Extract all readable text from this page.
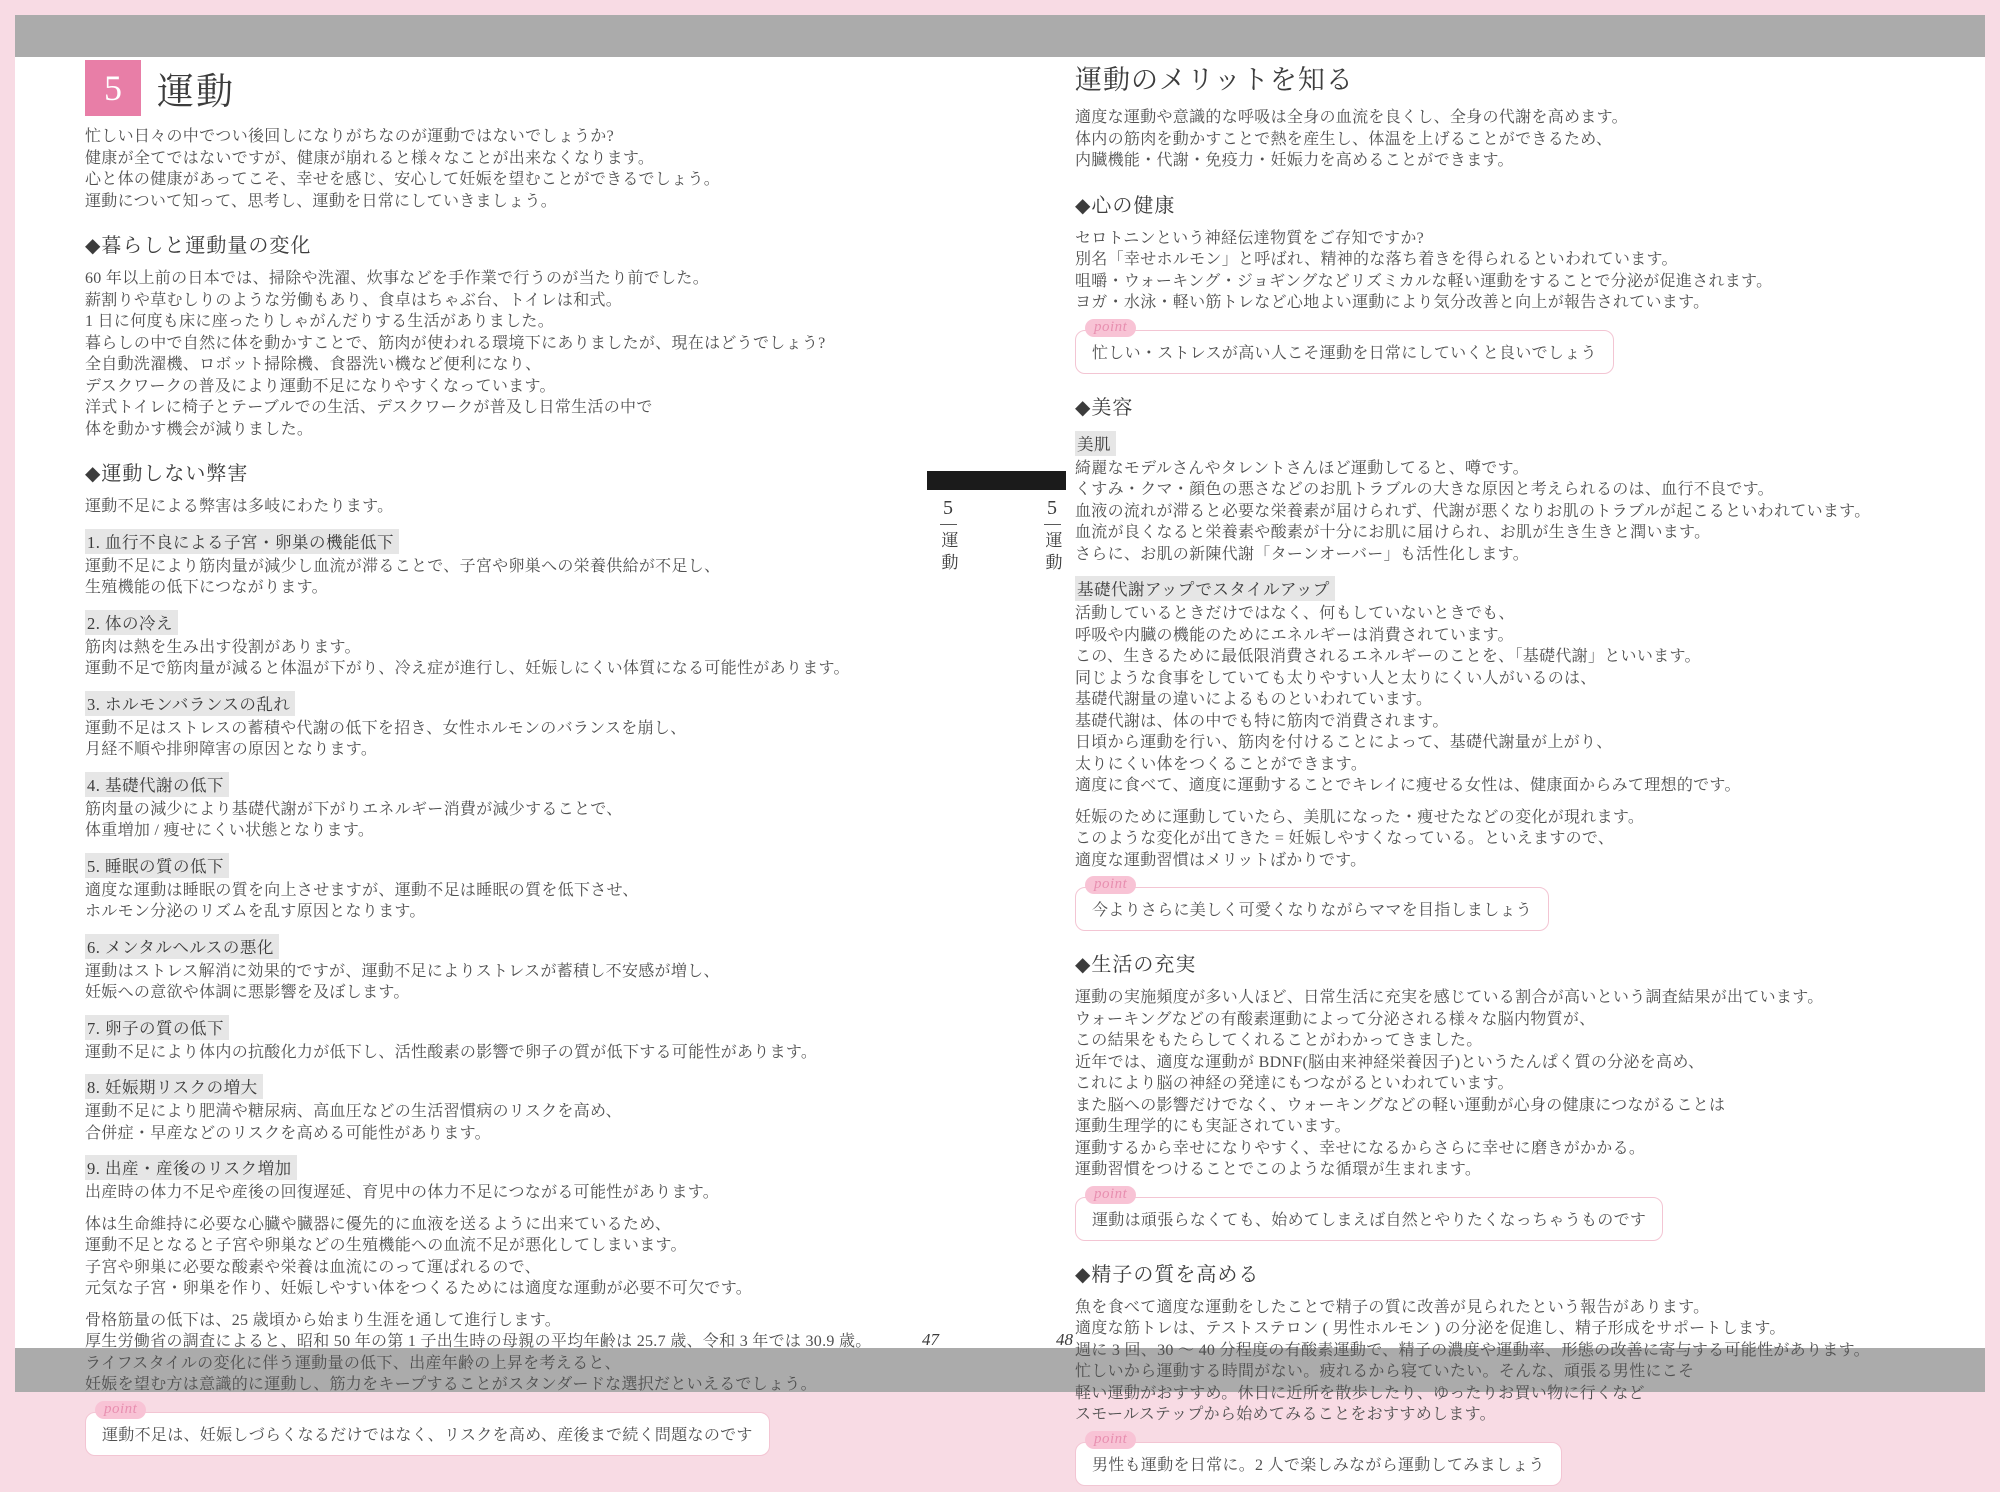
5 運動
忙しい日々の中でつい後回しになりがちなのが運動ではないでしょうか?
健康が全てではないですが、健康が崩れると様々なことが出来なくなります。
心と体の健康があってこそ、幸せを感じ、安心して妊娠を望むことができるでしょう。
運動について知って、思考し、運動を日常にしていきましょう。
◆暮らしと運動量の変化
60 年以上前の日本では、掃除や洗濯、炊事などを手作業で行うのが当たり前でした。
薪割りや草むしりのような労働もあり、食卓はちゃぶ台、トイレは和式。
1 日に何度も床に座ったりしゃがんだりする生活がありました。
暮らしの中で自然に体を動かすことで、筋肉が使われる環境下にありましたが、現在はどうでしょう?
全自動洗濯機、ロボット掃除機、食器洗い機など便利になり、
デスクワークの普及により運動不足になりやすくなっています。
洋式トイレに椅子とテーブルでの生活、デスクワークが普及し日常生活の中で
体を動かす機会が減りました。
◆運動しない弊害
運動不足による弊害は多岐にわたります。
1. 血行不良による子宮・卵巣の機能低下
運動不足により筋肉量が減少し血流が滞ることで、子宮や卵巣への栄養供給が不足し、
生殖機能の低下につながります。
2. 体の冷え
筋肉は熱を生み出す役割があります。
運動不足で筋肉量が減ると体温が下がり、冷え症が進行し、妊娠しにくい体質になる可能性があります。
3. ホルモンバランスの乱れ
運動不足はストレスの蓄積や代謝の低下を招き、女性ホルモンのバランスを崩し、
月経不順や排卵障害の原因となります。
4. 基礎代謝の低下
筋肉量の減少により基礎代謝が下がりエネルギー消費が減少することで、
体重増加 / 痩せにくい状態となります。
5. 睡眠の質の低下
適度な運動は睡眠の質を向上させますが、運動不足は睡眠の質を低下させ、
ホルモン分泌のリズムを乱す原因となります。
6. メンタルヘルスの悪化
運動はストレス解消に効果的ですが、運動不足によりストレスが蓄積し不安感が増し、
妊娠への意欲や体調に悪影響を及ぼします。
7. 卵子の質の低下
運動不足により体内の抗酸化力が低下し、活性酸素の影響で卵子の質が低下する可能性があります。
8. 妊娠期リスクの増大
運動不足により肥満や糖尿病、高血圧などの生活習慣病のリスクを高め、
合併症・早産などのリスクを高める可能性があります。
9. 出産・産後のリスク増加
出産時の体力不足や産後の回復遅延、育児中の体力不足につながる可能性があります。
体は生命維持に必要な心臓や臓器に優先的に血液を送るように出来ているため、
運動不足となると子宮や卵巣などの生殖機能への血流不足が悪化してしまいます。
子宮や卵巣に必要な酸素や栄養は血流にのって運ばれるので、
元気な子宮・卵巣を作り、妊娠しやすい体をつくるためには適度な運動が必要不可欠です。
骨格筋量の低下は、25 歳頃から始まり生涯を通して進行します。
厚生労働省の調査によると、昭和 50 年の第 1 子出生時の母親の平均年齢は 25.7 歳、令和 3 年では 30.9 歳。
ライフスタイルの変化に伴う運動量の低下、出産年齢の上昇を考えると、
妊娠を望む方は意識的に運動し、筋力をキープすることがスタンダードな選択だといえるでしょう。
point
運動不足は、妊娠しづらくなるだけではなく、リスクを高め、産後まで続く問題なのです
5
運動
5
運動
運動のメリットを知る
適度な運動や意識的な呼吸は全身の血流を良くし、全身の代謝を高めます。
体内の筋肉を動かすことで熱を産生し、体温を上げることができるため、
内臓機能・代謝・免疫力・妊娠力を高めることができます。
◆心の健康
セロトニンという神経伝達物質をご存知ですか?
別名「幸せホルモン」と呼ばれ、精神的な落ち着きを得られるといわれています。
咀嚼・ウォーキング・ジョギングなどリズミカルな軽い運動をすることで分泌が促進されます。
ヨガ・水泳・軽い筋トレなど心地よい運動により気分改善と向上が報告されています。
point
忙しい・ストレスが高い人こそ運動を日常にしていくと良いでしょう
◆美容
美肌
綺麗なモデルさんやタレントさんほど運動してると、噂です。
くすみ・クマ・顔色の悪さなどのお肌トラブルの大きな原因と考えられるのは、血行不良です。
血液の流れが滞ると必要な栄養素が届けられず、代謝が悪くなりお肌のトラブルが起こるといわれています。
血流が良くなると栄養素や酸素が十分にお肌に届けられ、お肌が生き生きと潤います。
さらに、お肌の新陳代謝「ターンオーバー」も活性化します。
基礎代謝アップでスタイルアップ
活動しているときだけではなく、何もしていないときでも、
呼吸や内臓の機能のためにエネルギーは消費されています。
この、生きるために最低限消費されるエネルギーのことを、「基礎代謝」といいます。
同じような食事をしていても太りやすい人と太りにくい人がいるのは、
基礎代謝量の違いによるものといわれています。
基礎代謝は、体の中でも特に筋肉で消費されます。
日頃から運動を行い、筋肉を付けることによって、基礎代謝量が上がり、
太りにくい体をつくることができます。
適度に食べて、適度に運動することでキレイに痩せる女性は、健康面からみて理想的です。
妊娠のために運動していたら、美肌になった・痩せたなどの変化が現れます。
このような変化が出てきた = 妊娠しやすくなっている。といえますので、
適度な運動習慣はメリットばかりです。
point
今よりさらに美しく可愛くなりながらママを目指しましょう
◆生活の充実
運動の実施頻度が多い人ほど、日常生活に充実を感じている割合が高いという調査結果が出ています。
ウォーキングなどの有酸素運動によって分泌される様々な脳内物質が、
この結果をもたらしてくれることがわかってきました。
近年では、適度な運動が BDNF(脳由来神経栄養因子)というたんぱく質の分泌を高め、
これにより脳の神経の発達にもつながるといわれています。
また脳への影響だけでなく、ウォーキングなどの軽い運動が心身の健康につながることは
運動生理学的にも実証されています。
運動するから幸せになりやすく、幸せになるからさらに幸せに磨きがかかる。
運動習慣をつけることでこのような循環が生まれます。
point
運動は頑張らなくても、始めてしまえば自然とやりたくなっちゃうものです
◆精子の質を高める
魚を食べて適度な運動をしたことで精子の質に改善が見られたという報告があります。
適度な筋トレは、テストステロン ( 男性ホルモン ) の分泌を促進し、精子形成をサポートします。
週に 3 回、30 〜 40 分程度の有酸素運動で、精子の濃度や運動率、形態の改善に寄与する可能性があります。
忙しいから運動する時間がない。疲れるから寝ていたい。そんな、頑張る男性にこそ
軽い運動がおすすめ。休日に近所を散歩したり、ゆったりお買い物に行くなど
スモールステップから始めてみることをおすすめします。
point
男性も運動を日常に。2 人で楽しみながら運動してみましょう
47	48
